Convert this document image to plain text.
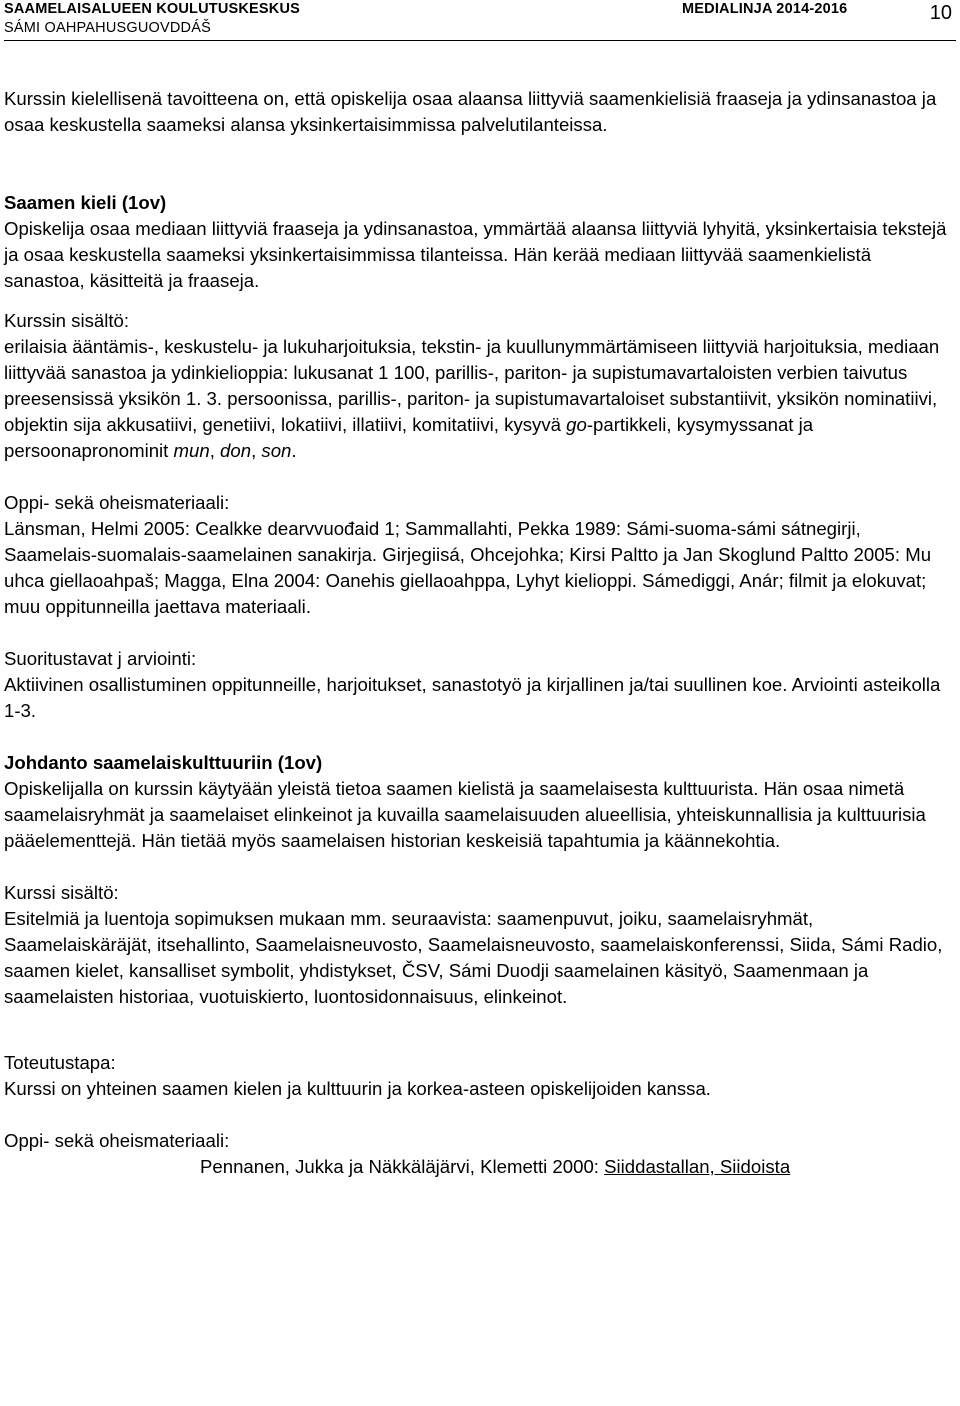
SAAMELAISALUEEN KOULUTUSKESKUS
SÁMI OAHPAHUSGUOVDDÁŠ
MEDIALINJA 2014-2016	10

Kurssin kielellisenä tavoitteena on, että opiskelija osaa alaansa liittyviä saamenkielisiä fraaseja ja ydinsanastoa ja osaa keskustella saameksi alansa yksinkertaisimmissa palvelutilanteissa.

Saamen kieli (1ov)

Opiskelija osaa mediaan liittyviä fraaseja ja ydinsanastoa, ymmärtää alaansa liittyviä lyhyitä, yksinkertaisia tekstejä ja osaa keskustella saameksi yksinkertaisimmissa tilanteissa. Hän kerää mediaan liittyvää saamenkielistä sanastoa, käsitteitä ja fraaseja.

Kurssin sisältö:

erilaisia ääntämis-, keskustelu- ja lukuharjoituksia, tekstin- ja kuullunymmärtämiseen liittyviä harjoituksia, mediaan liittyvää sanastoa ja ydinkielioppia: lukusanat 1 100, parillis-, pariton- ja supistumavartaloisten verbien taivutus preesensissä yksikön 1. 3. persoonissa, parillis-, pariton- ja supistumavartaloiset substantiivit, yksikön nominatiivi, objektin sija akkusatiivi, genetiivi, lokatiivi, illatiivi, komitatiivi, kysyvä go-partikkeli, kysymyssanat ja persoonapronominit mun, don, son.

Oppi- sekä oheismateriaali:

Länsman, Helmi 2005: Cealkke dearvvuođaid 1; Sammallahti, Pekka 1989: Sámi-suoma-sámi sátnegirji, Saamelais-suomalais-saamelainen sanakirja. Girjegiisá, Ohcejohka; Kirsi Paltto ja Jan Skoglund Paltto 2005: Mu uhca giellaoahpaš; Magga, Elna 2004: Oanehis giellaoahppa, Lyhyt kielioppi. Sámediggi, Anár; filmit ja elokuvat; muu oppitunneilla jaettava materiaali.

Suoritustavat j arviointi:

Aktiivinen osallistuminen oppitunneille, harjoitukset, sanastotyö ja kirjallinen ja/tai suullinen koe. Arviointi asteikolla 1-3.

Johdanto saamelaiskulttuuriin (1ov)

Opiskelijalla on kurssin käytyään yleistä tietoa saamen kielistä ja saamelaisesta kulttuurista. Hän osaa nimetä saamelaisryhmät ja saamelaiset elinkeinot ja kuvailla saamelaisuuden alueellisia, yhteiskunnallisia ja kulttuurisia pääelementtejä. Hän tietää myös saamelaisen historian keskeisiä tapahtumia ja käännekohtia.

Kurssi sisältö:

Esitelmiä ja luentoja sopimuksen mukaan mm. seuraavista: saamenpuvut, joiku, saamelaisryhmät, Saamelaiskäräjät, itsehallinto, Saamelaisneuvosto, Saamelaisneuvosto, saamelaiskonferenssi, Siida, Sámi Radio, saamen kielet, kansalliset symbolit, yhdistykset, ČSV, Sámi Duodji saamelainen käsityö, Saamenmaan ja saamelaisten historiaa, vuotuiskierto, luontosidonnaisuus, elinkeinot.

Toteutustapa:

Kurssi on yhteinen saamen kielen ja kulttuurin ja korkea-asteen opiskelijoiden kanssa.

Oppi- sekä oheismateriaali:

Pennanen, Jukka ja Näkkäläjärvi, Klemetti 2000: Siiddastallan, Siidoista
